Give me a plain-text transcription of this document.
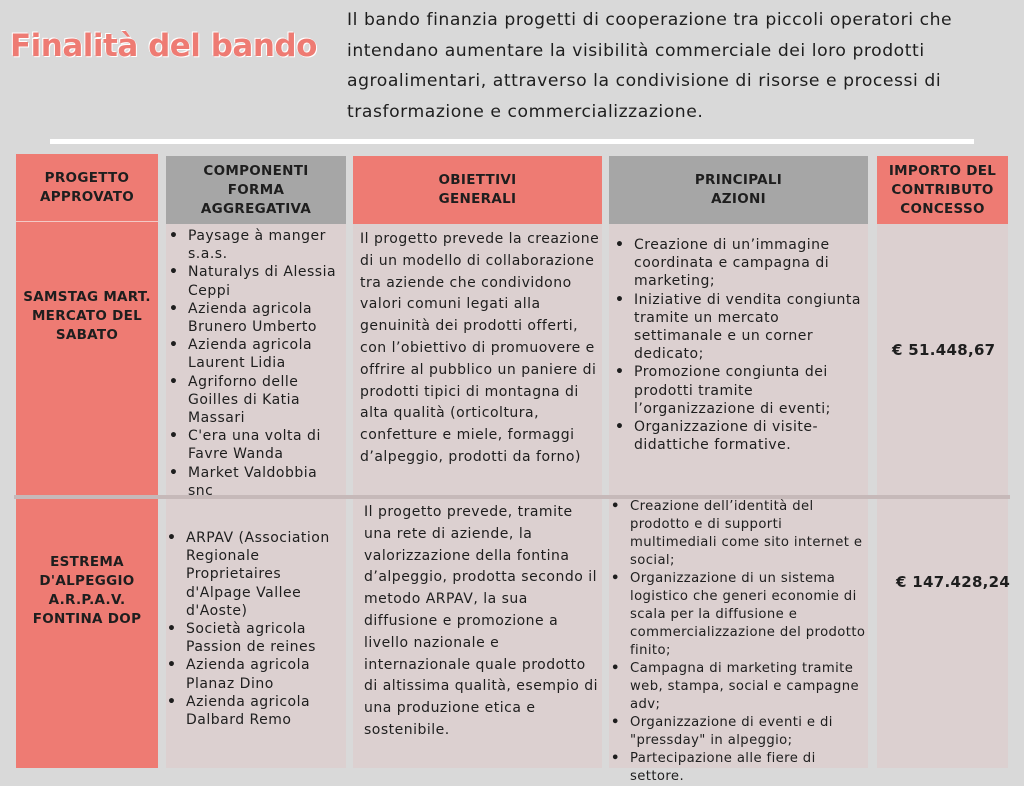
Finalità del bando
Il bando finanzia progetti di cooperazione tra piccoli operatori che intendano aumentare la visibilità commerciale dei loro prodotti agroalimentari, attraverso la condivisione di risorse e processi di trasformazione e commercializzazione.
PROGETTO
APPROVATO
COMPONENTI
FORMA
AGGREGATIVA
OBIETTIVI
GENERALI
PRINCIPALI
AZIONI
IMPORTO DEL
CONTRIBUTO
CONCESSO
SAMSTAG MART.
MERCATO DEL
SABATO
• Paysage à manger s.a.s.
• Naturalys di Alessia Ceppi
• Azienda agricola Brunero Umberto
• Azienda agricola Laurent Lidia
• Agriforno delle Goilles di Katia Massari
• C'era una volta di Favre Wanda
• Market Valdobbia snc
Il progetto prevede la creazione di un modello di collaborazione tra aziende che condividono valori comuni legati alla genuinità dei prodotti offerti, con l’obiettivo di promuovere e offrire al pubblico un paniere di prodotti tipici di montagna di alta qualità (orticoltura, confetture e miele, formaggi d’alpeggio, prodotti da forno)
• Creazione di un’immagine coordinata e campagna di marketing;
• Iniziative di vendita congiunta tramite un mercato settimanale e un corner dedicato;
• Promozione congiunta dei prodotti tramite l’organizzazione di eventi;
• Organizzazione di visite-didattiche formative.
€ 51.448,67
ESTREMA
D'ALPEGGIO
A.R.P.A.V.
FONTINA DOP
• ARPAV (Association Regionale Proprietaires d'Alpage Vallee d'Aoste)
• Società agricola Passion de reines
• Azienda agricola Planaz Dino
• Azienda agricola Dalbard Remo
Il progetto prevede, tramite una rete di aziende, la valorizzazione della fontina d’alpeggio, prodotta secondo il metodo ARPAV, la sua diffusione e promozione a livello nazionale e internazionale quale prodotto di altissima qualità, esempio di una produzione etica e sostenibile.
• Creazione dell’identità del prodotto e di supporti multimediali come sito internet e social;
• Organizzazione di un sistema logistico che generi economie di scala per la diffusione e commercializzazione del prodotto finito;
• Campagna di marketing tramite web, stampa, social e campagne adv;
• Organizzazione di eventi e di "pressday" in alpeggio;
• Partecipazione alle fiere di settore.
€ 147.428,24
